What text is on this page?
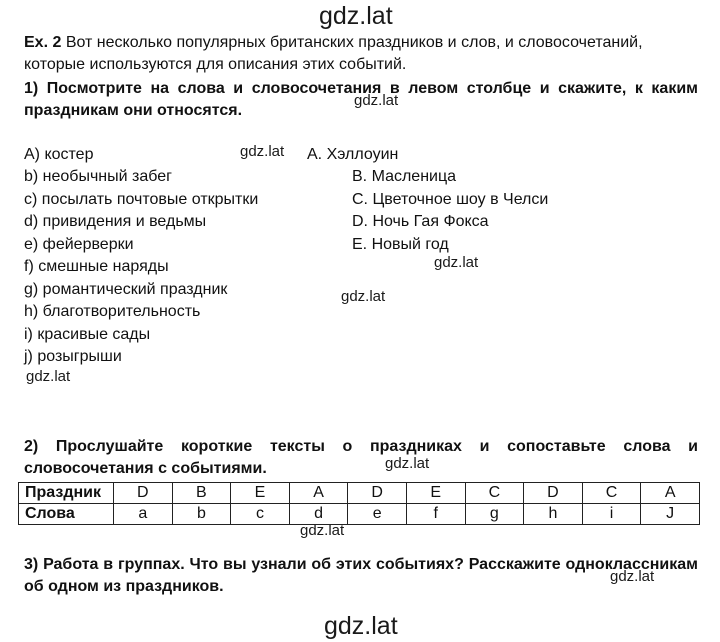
gdz.lat
gdz.lat
gdz.lat
gdz.lat
gdz.lat
gdz.lat
gdz.lat
gdz.lat
gdz.lat
gdz.lat
Ex. 2 Вот несколько популярных британских праздников и слов, и словосочетаний,
которые используются для описания этих событий.
1) Посмотрите на слова и словосочетания в левом столбце и скажите, к каким
праздникам они относятся.
A) костер
b) необычный забег
c) посылать почтовые открытки
d) привидения и ведьмы
e) фейерверки
f) смешные наряды
g) романтический праздник
h) благотворительность
i) красивые сады
j) розыгрыши
A. Хэллоуин
B. Масленица
C. Цветочное шоу в Челси
D. Ночь Гая Фокса
E. Новый год
2) Прослушайте короткие тексты о праздниках и сопоставьте слова и
словосочетания с событиями.
Праздник	D	B	E	A	D	E	C	D	C	A
Слова	a	b	c	d	e	f	g	h	i	J
3) Работа в группах. Что вы узнали об этих событиях? Расскажите одноклассникам
об одном из праздников.
